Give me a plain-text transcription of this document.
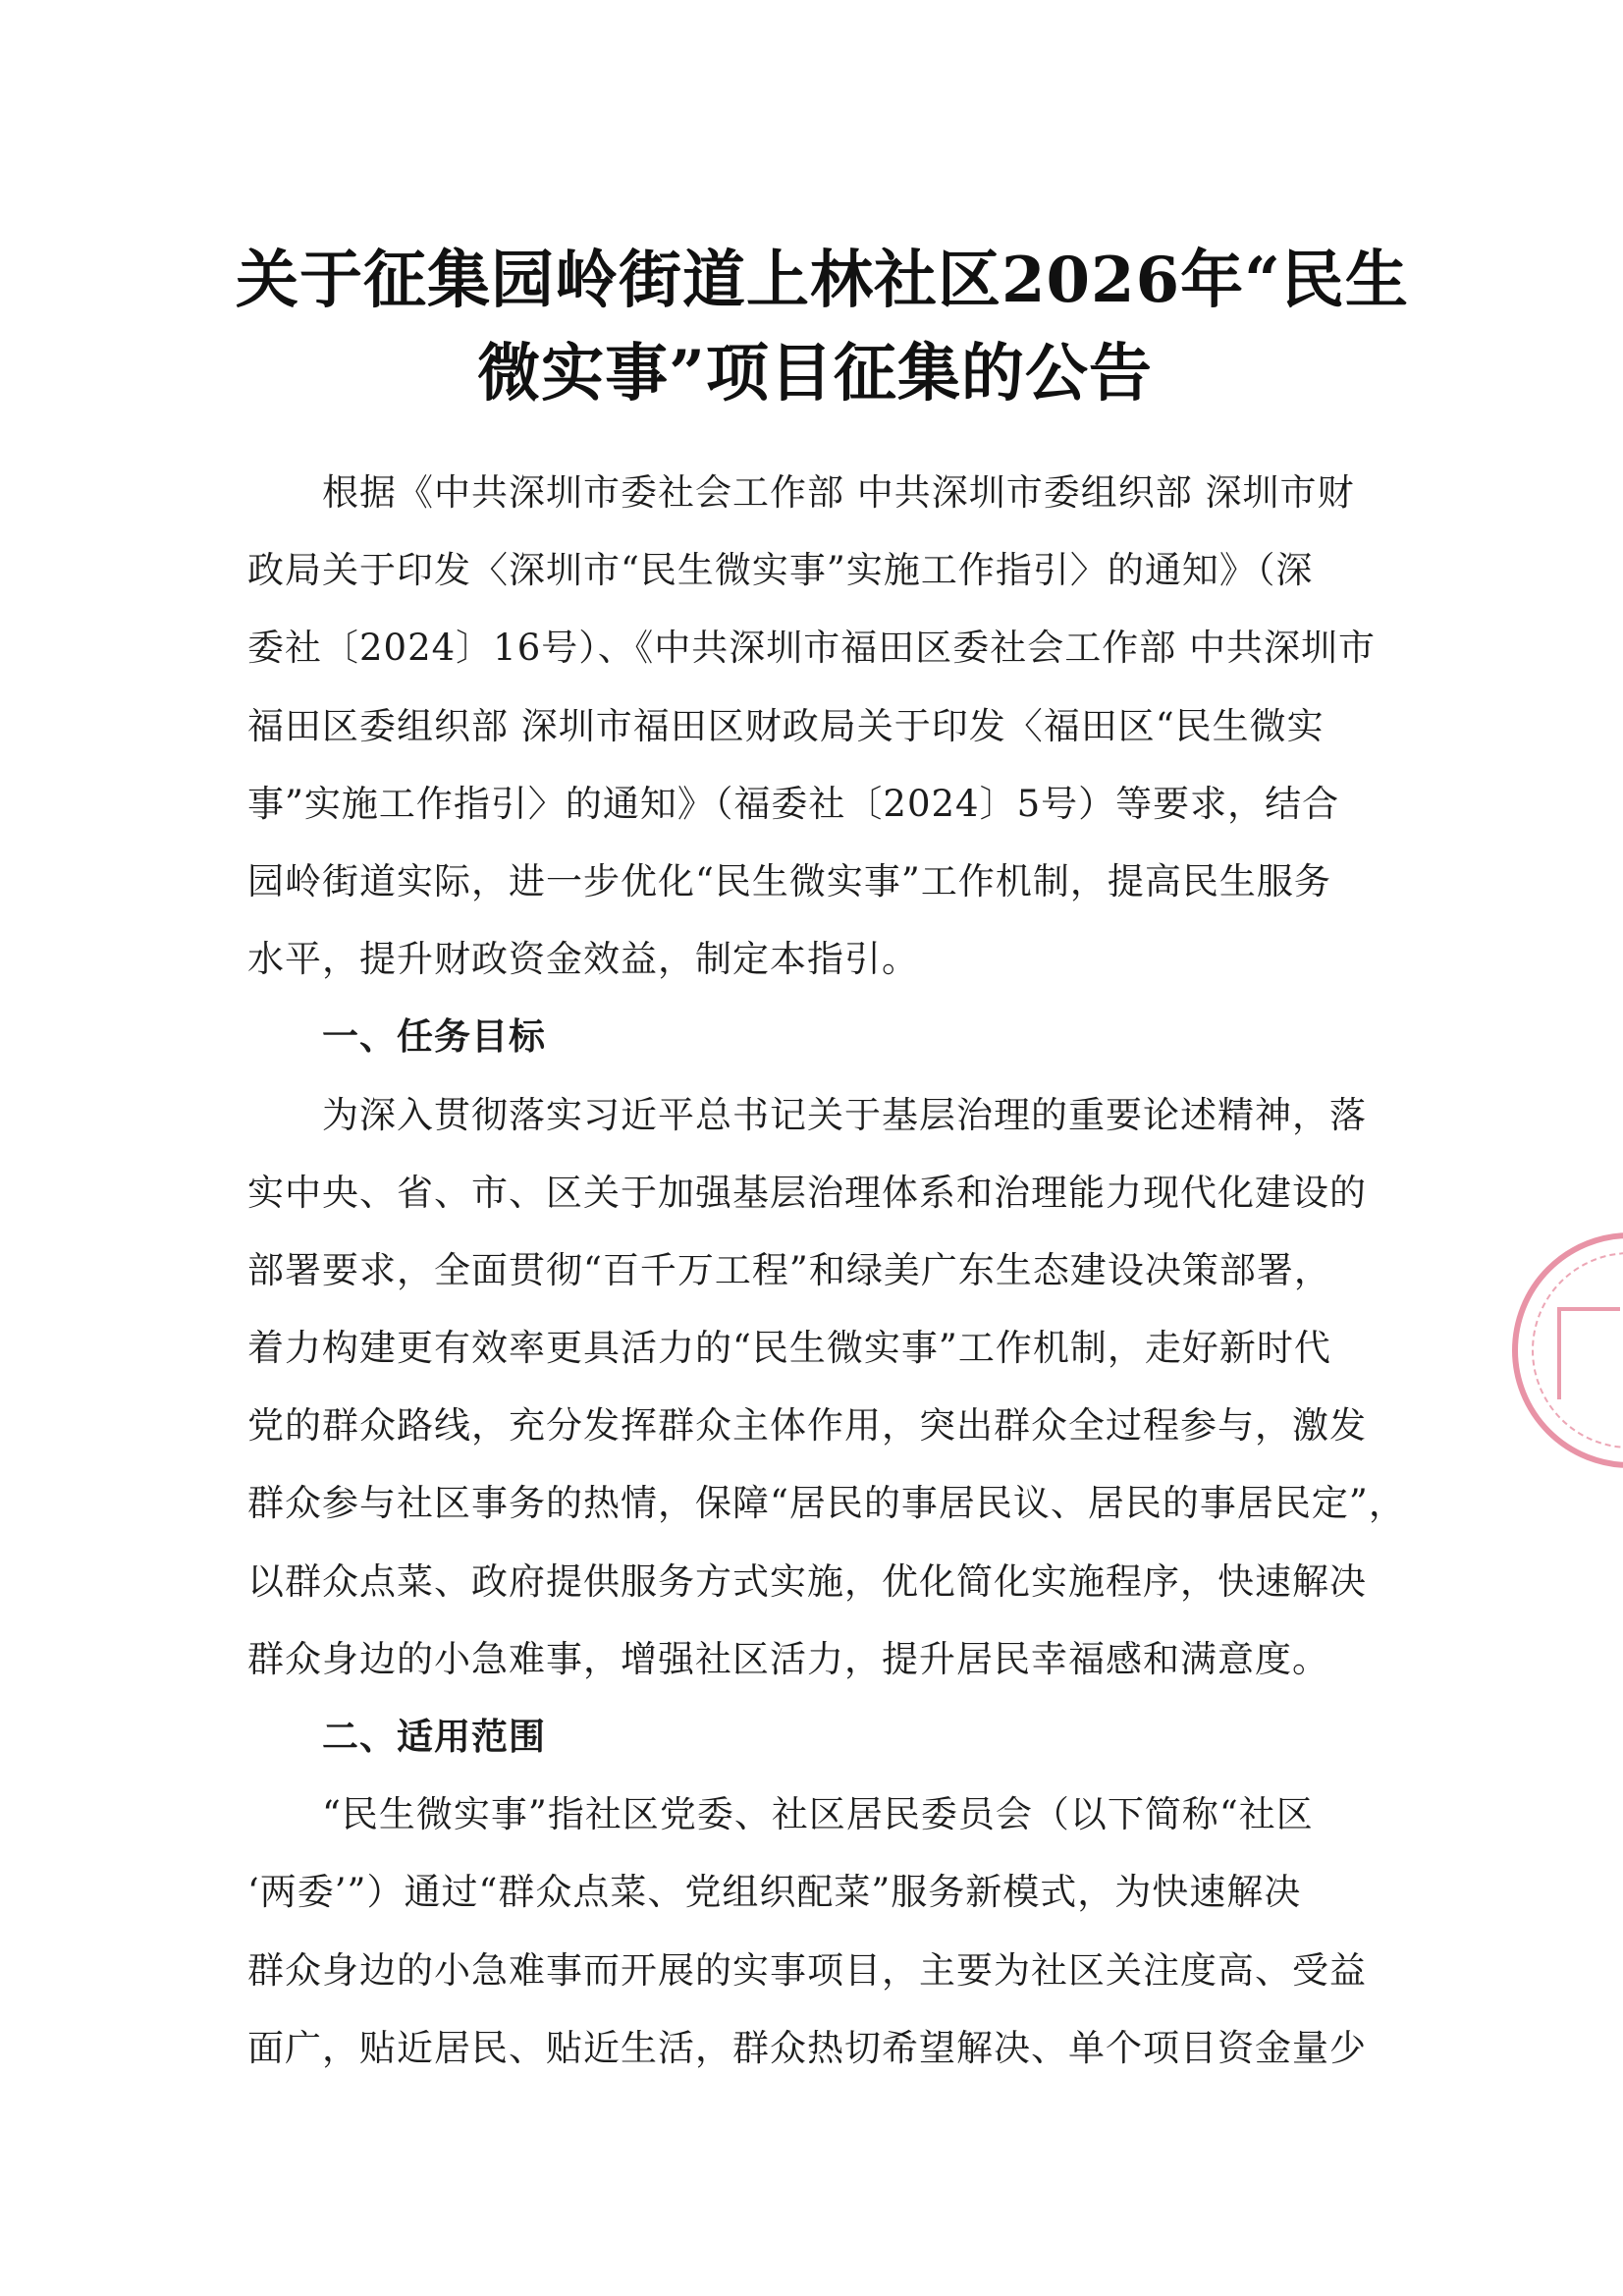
关于征集园岭街道上林社区2026年“民生
微实事”项目征集的公告
根据《中共深圳市委社会工作部 中共深圳市委组织部 深圳市财
政局关于印发〈深圳市“民生微实事”实施工作指引〉的通知》（深
委社〔2024〕16号）、《中共深圳市福田区委社会工作部 中共深圳市
福田区委组织部 深圳市福田区财政局关于印发〈福田区“民生微实
事”实施工作指引〉的通知》（福委社〔2024〕5号）等要求，结合
园岭街道实际，进一步优化“民生微实事”工作机制，提高民生服务
水平，提升财政资金效益，制定本指引。
一、任务目标
为深入贯彻落实习近平总书记关于基层治理的重要论述精神，落
实中央、省、市、区关于加强基层治理体系和治理能力现代化建设的
部署要求，全面贯彻“百千万工程”和绿美广东生态建设决策部署，
着力构建更有效率更具活力的“民生微实事”工作机制，走好新时代
党的群众路线，充分发挥群众主体作用，突出群众全过程参与，激发
群众参与社区事务的热情，保障“居民的事居民议、居民的事居民定”，
以群众点菜、政府提供服务方式实施，优化简化实施程序，快速解决
群众身边的小急难事，增强社区活力，提升居民幸福感和满意度。
二、适用范围
“民生微实事”指社区党委、社区居民委员会（以下简称“社区
‘两委’”）通过“群众点菜、党组织配菜”服务新模式，为快速解决
群众身边的小急难事而开展的实事项目，主要为社区关注度高、受益
面广，贴近居民、贴近生活，群众热切希望解决、单个项目资金量少
